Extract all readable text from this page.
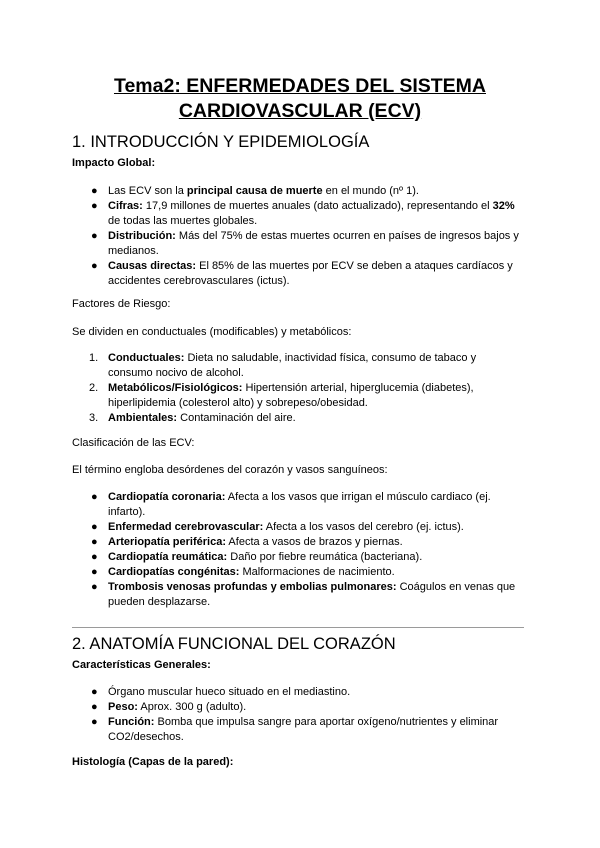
Tema2: ENFERMEDADES DEL SISTEMA
CARDIOVASCULAR (ECV)
1. INTRODUCCIÓN Y EPIDEMIOLOGÍA

Impacto Global:

● Las ECV son la principal causa de muerte en el mundo (nº 1).
● Cifras: 17,9 millones de muertes anuales (dato actualizado), representando el 32%
de todas las muertes globales.
● Distribución: Más del 75% de estas muertes ocurren en países de ingresos bajos y
medianos.
● Causas directas: El 85% de las muertes por ECV se deben a ataques cardíacos y
accidentes cerebrovasculares (ictus).

Factores de Riesgo:

Se dividen en conductuales (modificables) y metabólicos:

1. Conductuales: Dieta no saludable, inactividad física, consumo de tabaco y
consumo nocivo de alcohol.
2. Metabólicos/Fisiológicos: Hipertensión arterial, hiperglucemia (diabetes),
hiperlipidemia (colesterol alto) y sobrepeso/obesidad.
3. Ambientales: Contaminación del aire.

Clasificación de las ECV:

El término engloba desórdenes del corazón y vasos sanguíneos:

● Cardiopatía coronaria: Afecta a los vasos que irrigan el músculo cardiaco (ej.
infarto).
● Enfermedad cerebrovascular: Afecta a los vasos del cerebro (ej. ictus).
● Arteriopatía periférica: Afecta a vasos de brazos y piernas.
● Cardiopatía reumática: Daño por fiebre reumática (bacteriana).
● Cardiopatías congénitas: Malformaciones de nacimiento.
● Trombosis venosas profundas y embolias pulmonares: Coágulos en venas que
pueden desplazarse.
2. ANATOMÍA FUNCIONAL DEL CORAZÓN

Características Generales:

● Órgano muscular hueco situado en el mediastino.
● Peso: Aprox. 300 g (adulto).
● Función: Bomba que impulsa sangre para aportar oxígeno/nutrientes y eliminar
CO2/desechos.

Histología (Capas de la pared):
